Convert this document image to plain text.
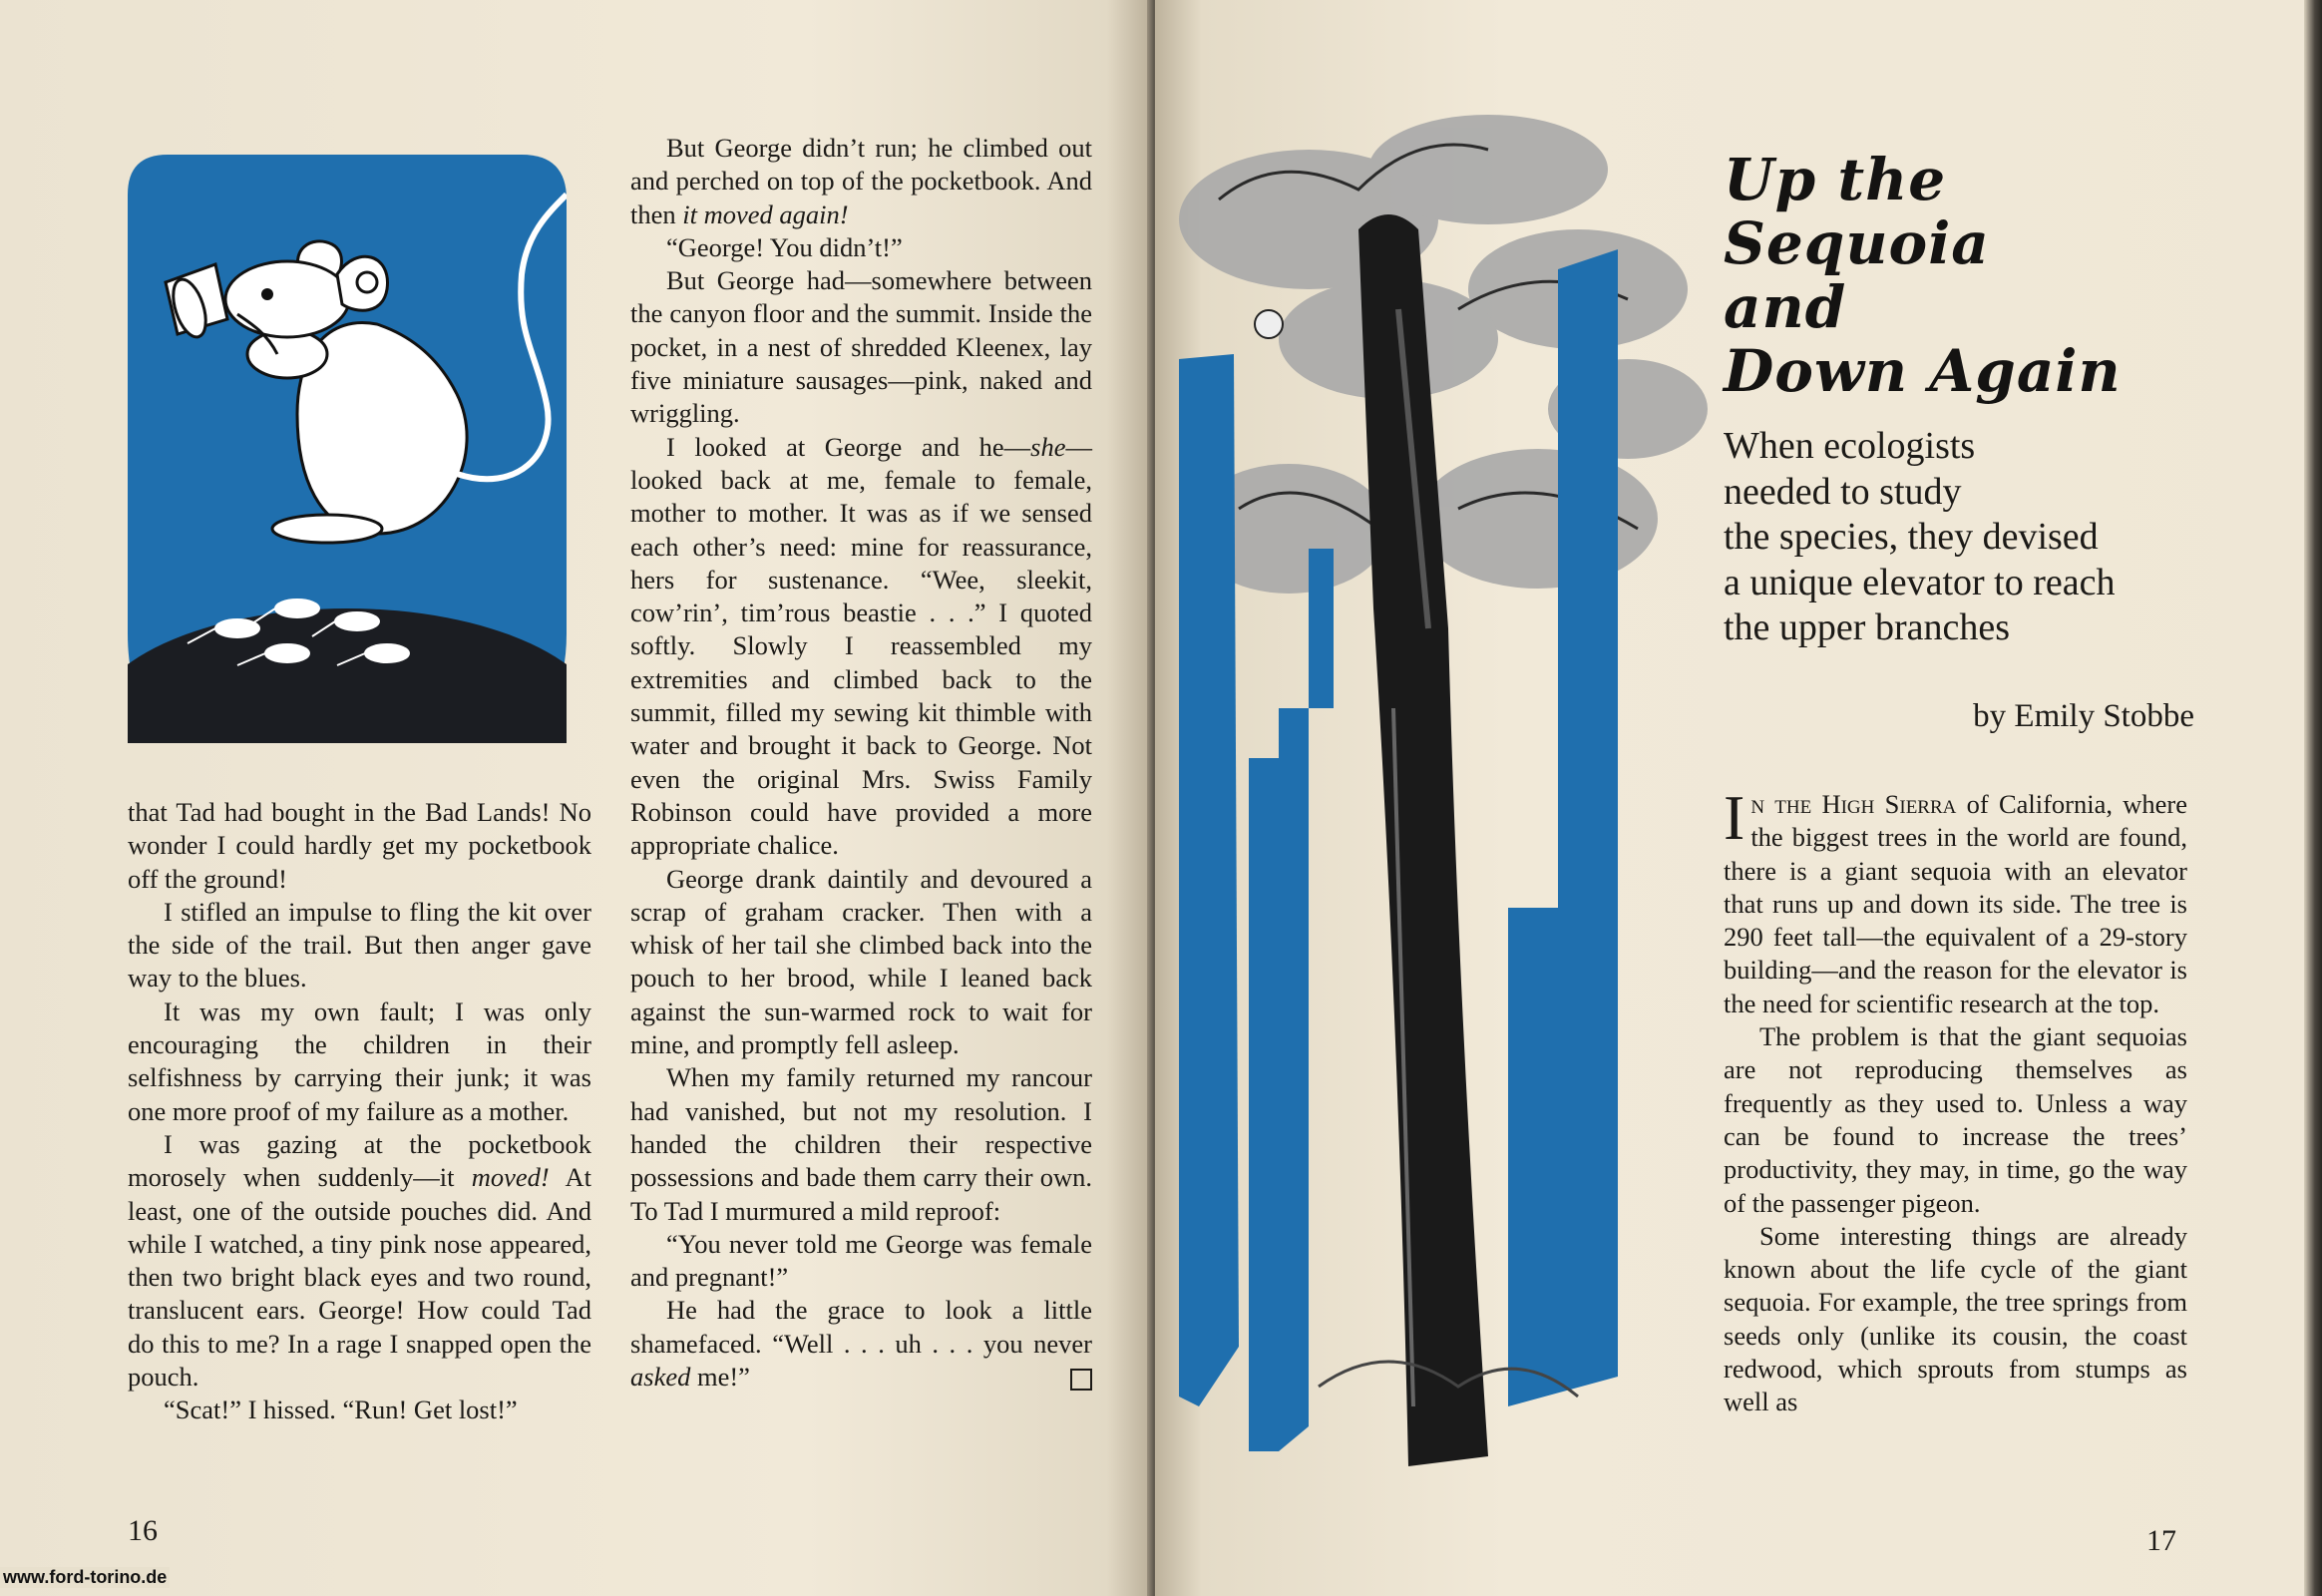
that Tad had bought in the Bad Lands! No wonder I could hardly get my pocketbook off the ground!

I stifled an impulse to fling the kit over the side of the trail. But then anger gave way to the blues.

It was my own fault; I was only encouraging the children in their selfishness by carrying their junk; it was one more proof of my failure as a mother.

I was gazing at the pocketbook morosely when suddenly—it moved! At least, one of the outside pouches did. And while I watched, a tiny pink nose appeared, then two bright black eyes and two round, translucent ears. George! How could Tad do this to me? In a rage I snapped open the pouch.

“Scat!” I hissed. “Run! Get lost!”

But George didn’t run; he climbed out and perched on top of the pocketbook. And then it moved again!

“George! You didn’t!”

But George had—somewhere between the canyon floor and the summit. Inside the pocket, in a nest of shredded Kleenex, lay five miniature sausages—pink, naked and wriggling.

I looked at George and he—she—looked back at me, female to female, mother to mother. It was as if we sensed each other’s need: mine for reassurance, hers for sustenance. “Wee, sleekit, cow’rin’, tim’rous beastie . . .” I quoted softly. Slowly I reassembled my extremities and climbed back to the summit, filled my sewing kit thimble with water and brought it back to George. Not even the original Mrs. Swiss Family Robinson could have provided a more appropriate chalice.

George drank daintily and devoured a scrap of graham cracker. Then with a whisk of her tail she climbed back into the pouch to her brood, while I leaned back against the sun-warmed rock to wait for mine, and promptly fell asleep.

When my family returned my rancour had vanished, but not my resolution. I handed the children their respective possessions and bade them carry their own. To Tad I murmured a mild reproof:

“You never told me George was female and pregnant!”

He had the grace to look a little shamefaced. “Well . . . uh . . . you never asked me!”

16
www.ford-torino.de
Up the
Sequoia
and
Down Again
When ecologists
needed to study
the species, they devised
a unique elevator to reach
the upper branches
by Emily Stobbe

In the High Sierra of California, where the biggest trees in the world are found, there is a giant sequoia with an elevator that runs up and down its side. The tree is 290 feet tall—the equivalent of a 29-story building—and the reason for the elevator is the need for scientific research at the top.

The problem is that the giant sequoias are not reproducing themselves as frequently as they used to. Unless a way can be found to increase the trees’ productivity, they may, in time, go the way of the passenger pigeon.

Some interesting things are already known about the life cycle of the giant sequoia. For example, the tree springs from seeds only (unlike its cousin, the coast redwood, which sprouts from stumps as well as

17
